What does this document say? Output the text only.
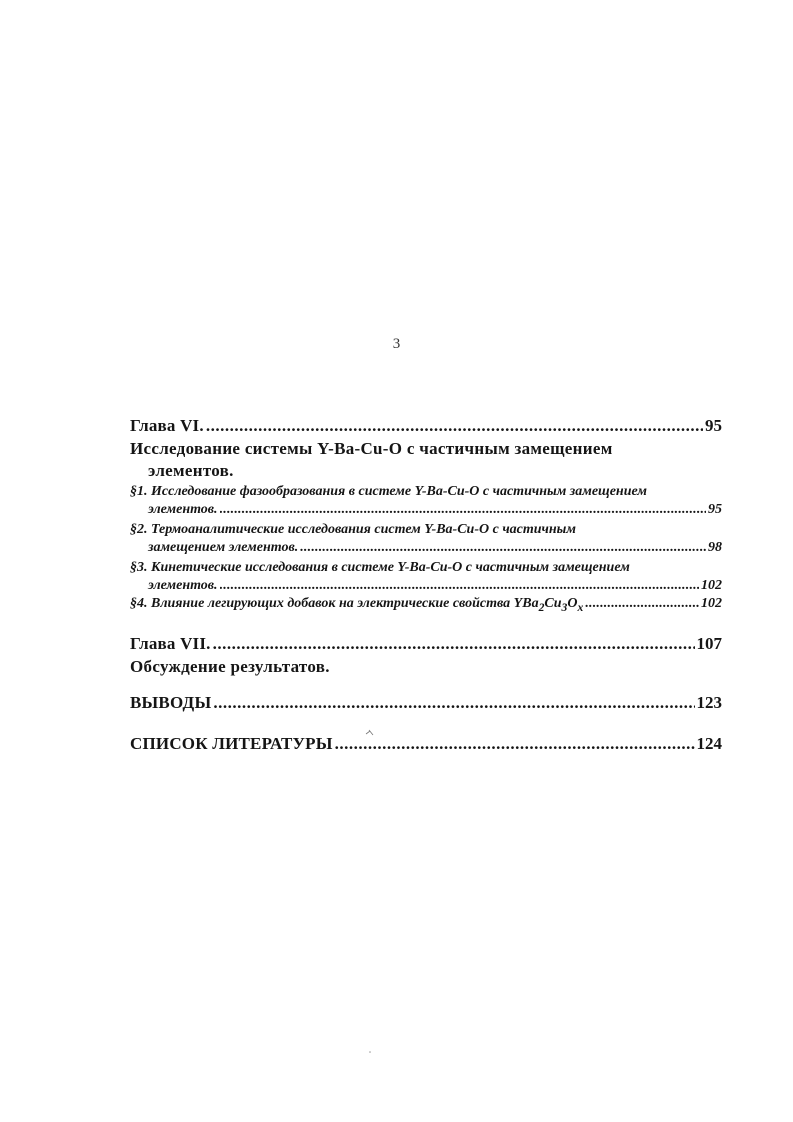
3
Глава VI. .....	95
Исследование системы Y-Ba-Cu-O с частичным замещением
элементов.
§1. Исследование фазообразования в системе Y-Ba-Cu-O с частичным замещением
элементов. .....	95
§2. Термоаналитические исследования систем Y-Ba-Cu-O с частичным
замещением элементов. .....	98
§3. Кинетические исследования в системе Y-Ba-Cu-O с частичным замещением
элементов. .....	102
§4. Влияние легирующих добавок на электрические свойства $YBa_2Cu_3O_x$ .....	102
Глава VII. .....	107
Обсуждение результатов.
ВЫВОДЫ .....	123
СПИСОК ЛИТЕРАТУРЫ .....	124
